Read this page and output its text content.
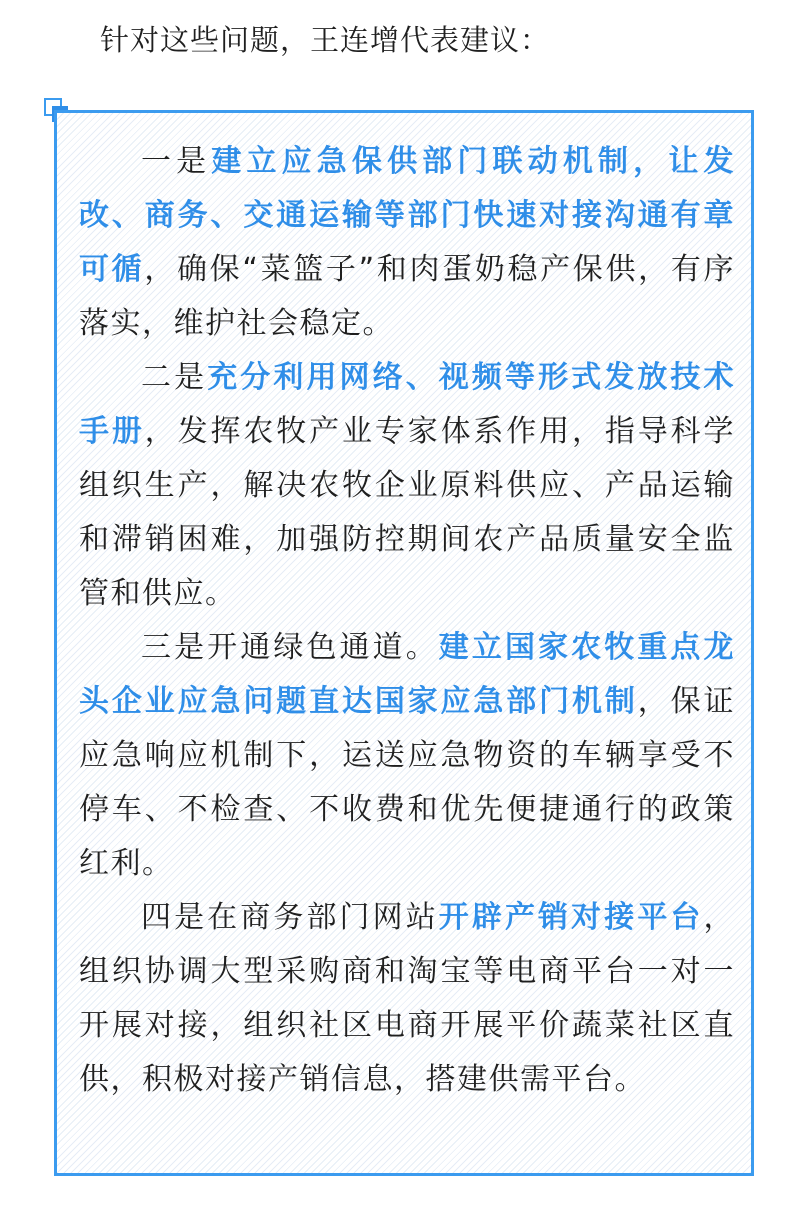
针对这些问题，王连增代表建议：

一是建立应急保供部门联动机制，让发改、商务、交通运输等部门快速对接沟通有章可循，确保“菜篮子”和肉蛋奶稳产保供，有序落实，维护社会稳定。

二是充分利用网络、视频等形式发放技术手册，发挥农牧产业专家体系作用，指导科学组织生产，解决农牧企业原料供应、产品运输和滞销困难，加强防控期间农产品质量安全监管和供应。

三是开通绿色通道。建立国家农牧重点龙头企业应急问题直达国家应急部门机制，保证应急响应机制下，运送应急物资的车辆享受不停车、不检查、不收费和优先便捷通行的政策红利。

四是在商务部门网站开辟产销对接平台，组织协调大型采购商和淘宝等电商平台一对一开展对接，组织社区电商开展平价蔬菜社区直供，积极对接产销信息，搭建供需平台。
